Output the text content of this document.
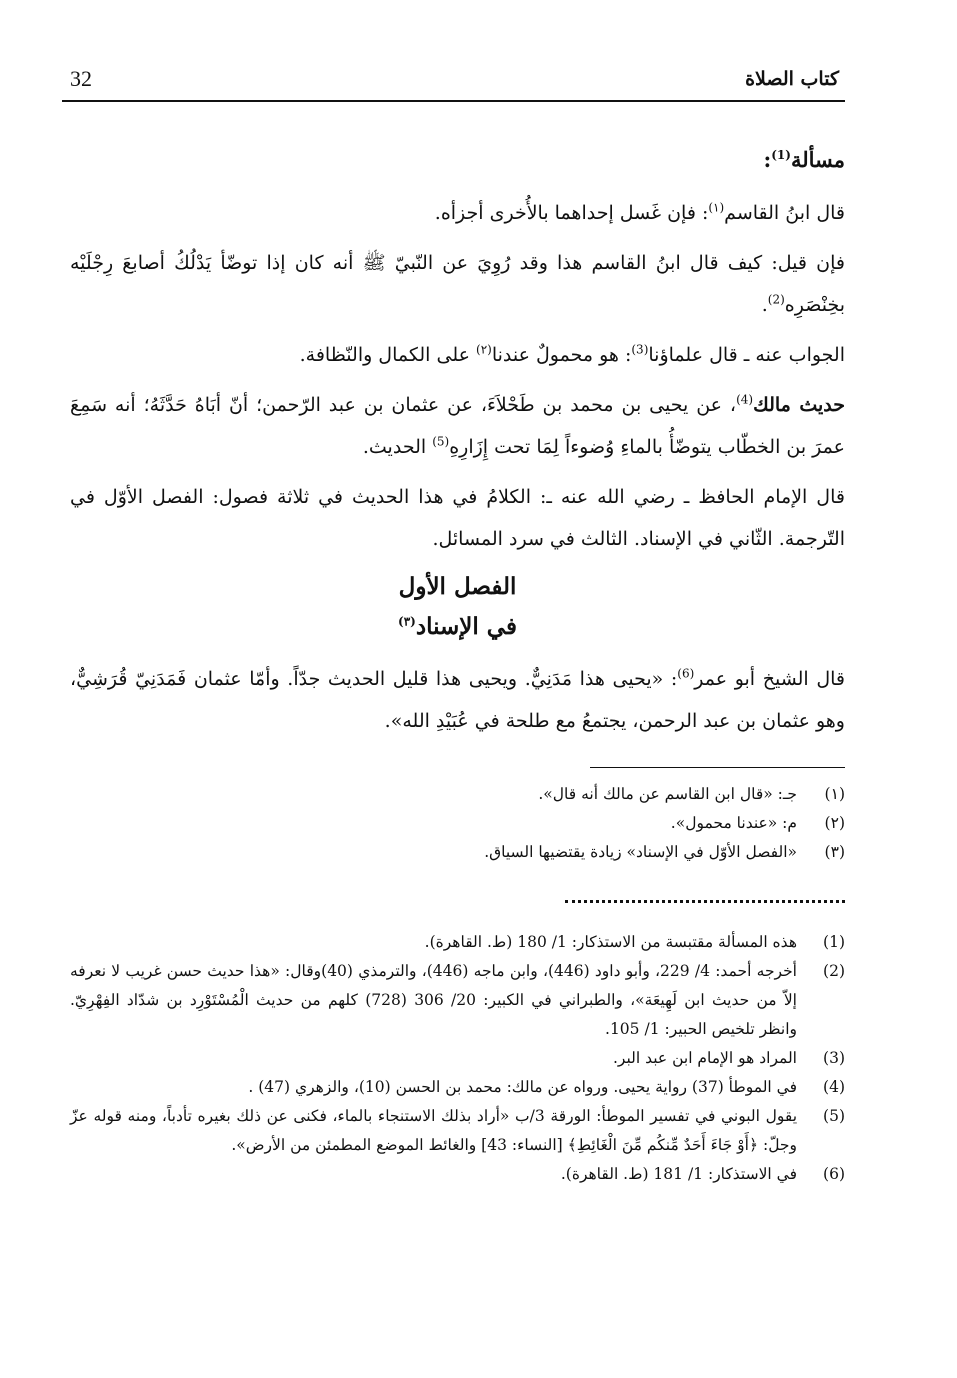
32	كتاب الصلاة
مسألة$^{(1)}$:

قال ابنُ القاسم$^{(١)}$: فإن غَسل إحداهما بالأُخرى أجزأه.

فإن قيل: كيف قال ابنُ القاسم هذا وقد رُوِيَ عن النّبيّ ﷺ أنه كان إذا توضّأ يَدْلُكُ أصابعَ رِجْلَيْه بخِنْصَرِه$^{(2)}$.

الجواب عنه ـ قال علماؤنا$^{(3)}$: هو محمولٌ عندنا$^{(٢)}$ على الكمال والنّظافة.

حديث مالك$^{(4)}$، عن يحيى بن محمد بن طَحْلاَءَ، عن عثمان بن عبد الرّحمن؛ أنّ أبَاهُ حَدَّثَهُ؛ أنه سَمِعَ عمرَ بن الخطّاب يتوضّأُ بالماءِ وُضوءاً لِمَا تحت إِزَارِهِ$^{(5)}$ الحديث.

قال الإمام الحافظ ـ رضي الله عنه ـ: الكلامُ في هذا الحديث في ثلاثة فصول: الفصل الأوّل في التّرجمة. الثّاني في الإسناد. الثالث في سرد المسائل.

الفصل الأول
في الإسناد$^{(٣)}$

قال الشيخ أبو عمر$^{(6)}$: «يحيى هذا مَدَنِيٌّ. ويحيى هذا قليل الحديث جدّاً. وأمّا عثمان فَمَدَنِيّ قُرَشِيٌّ، وهو عثمان بن عبد الرحمن، يجتمعُ مع طلحة في عُبَيْدِ الله».

(١)
جـ: «قال ابن القاسم عن مالك أنه قال».
(٢)
م: «عندنا محمول».
(٣)
«الفصل الأوّل في الإسناد» زيادة يقتضيها السياق.
(1)
هذه المسألة مقتبسة من الاستذكار: 1/ 180 (ط. القاهرة).
(2)
أخرجه أحمد: 4/ 229، وأبو داود (446)، وابن ماجه (446)، والترمذي (40)وقال: «هذا حديث حسن غريب لا نعرفه إلاّ من حديث ابن لَهِيعَة»، والطبراني في الكبير: 20/ 306 (728) كلهم من حديث الْمُسْتَوْرِد بن شدّاد الفِهْرِيّ. وانظر تلخيص الحبير: 1/ 105.
(3)
المراد هو الإمام ابن عبد البر.
(4)
في الموطأ (37) رواية يحيى. ورواه عن مالك: محمد بن الحسن (10)، والزهري (47) .
(5)
يقول البوني في تفسير الموطأ: الورقة 3/ب «أراد بذلك الاستنجاء بالماء، فكنى عن ذلك بغيره تأدباً، ومنه قوله عزّ وجلّ: ﴿أَوْ جَاءَ أَحَدٌ مِّنكُم مِّنَ الْغَائِطِ﴾ [النساء: 43] والغائط الموضع المطمئن من الأرض».
(6)
في الاستذكار: 1/ 181 (ط. القاهرة).
